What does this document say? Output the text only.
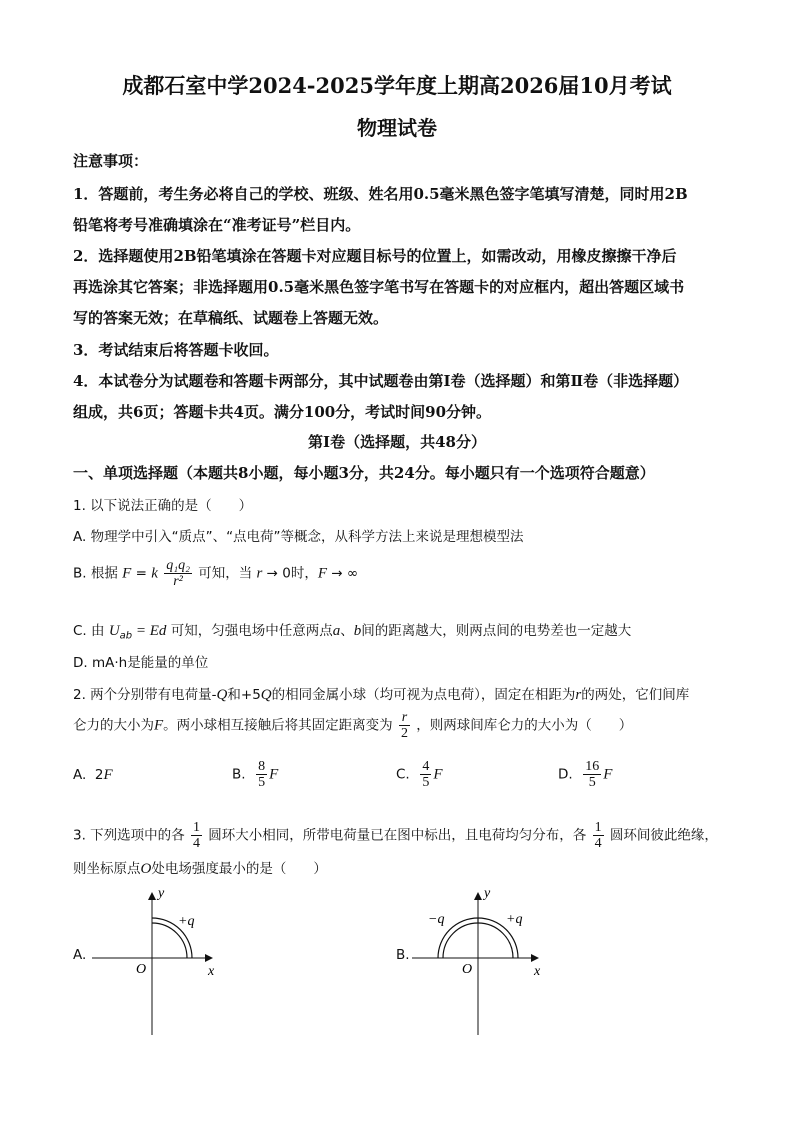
成都石室中学2024-2025学年度上期高2026届10月考试
物理试卷
注意事项：
1．答题前，考生务必将自己的学校、班级、姓名用0.5毫米黑色签字笔填写清楚，同时用2B
铅笔将考号准确填涂在“准考证号”栏目内。
2．选择题使用2B铅笔填涂在答题卡对应题目标号的位置上，如需改动，用橡皮擦擦干净后
再选涂其它答案；非选择题用0.5毫米黑色签字笔书写在答题卡的对应框内，超出答题区域书
写的答案无效；在草稿纸、试题卷上答题无效。
3．考试结束后将答题卡收回。
4．本试卷分为试题卷和答题卡两部分，其中试题卷由第Ⅰ卷（选择题）和第Ⅱ卷（非选择题）
组成，共6页；答题卡共4页。满分100分，考试时间90分钟。
第Ⅰ卷（选择题，共48分）
一、单项选择题（本题共8小题，每小题3分，共24分。每小题只有一个选项符合题意）
1. 以下说法正确的是（　　）
A. 物理学中引入“质点”、“点电荷”等概念，从科学方法上来说是理想模型法
B. 根据 F = k $\frac{\text{q₁q₂}}{\text{r²}}$ 可知，当 r → 0时，F → ∞
C. 由 $U_{ab} = Ed$ 可知，匀强电场中任意两点a、b间的距离越大，则两点间的电势差也一定越大
D. mA·h是能量的单位
2. 两个分别带有电荷量-Q和+5Q的相同金属小球（均可视为点电荷），固定在相距为r的两处，它们间库
仑力的大小为F。两小球相互接触后将其固定距离变为 $\frac{r}{2}$ ，则两球间库仑力的大小为（　　）
A. 2F	B. $\frac{8}{5}$ F	C. $\frac{4}{5}$ F	D. $\frac{16}{5}$ F
3. 下列选项中的各 $\frac{1}{4}$ 圆环大小相同，所带电荷量已在图中标出，且电荷均匀分布，各 $\frac{1}{4}$ 圆环间彼此绝缘，
则坐标原点O处电场强度最小的是（　　）
A.
y
+q
O	x
B.
y
−q	+q
O	x
